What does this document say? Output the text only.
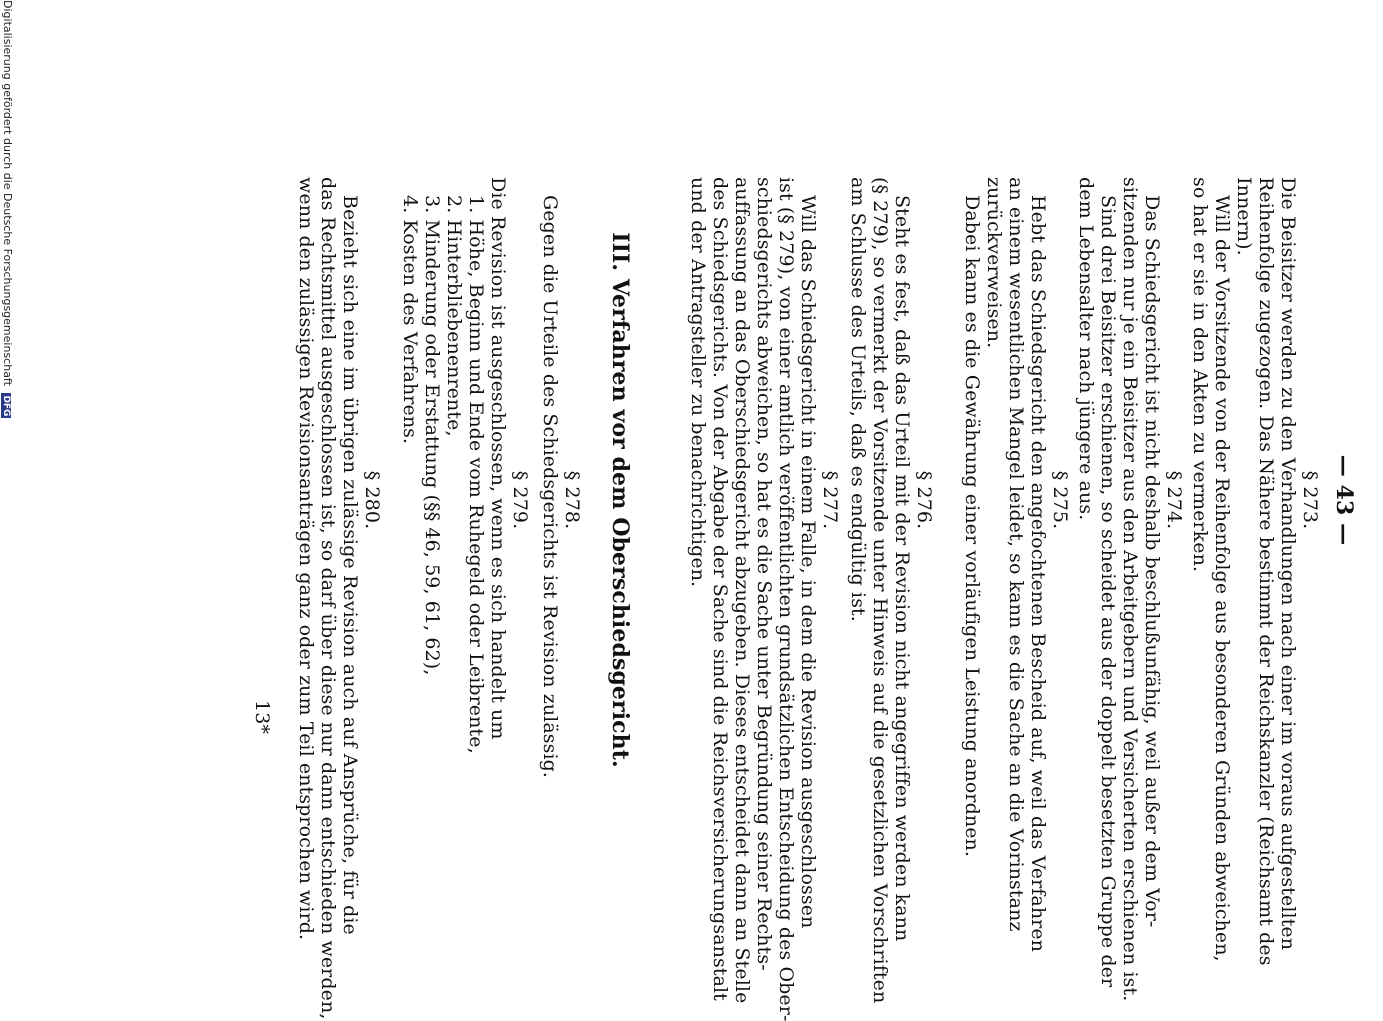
— 43 —
§ 273.
Die Beisitzer werden zu den Verhandlungen nach einer im voraus aufgestellten
Reihenfolge zugezogen. Das Nähere bestimmt der Reichskanzler (Reichsamt des
Innern).
Will der Vorsitzende von der Reihenfolge aus besonderen Gründen abweichen,
so hat er sie in den Akten zu vermerken.
§ 274.
Das Schiedsgericht ist nicht deshalb beschlußunfähig, weil außer dem Vor-
sitzenden nur je ein Beisitzer aus den Arbeitgebern und Versicherten erschienen ist.
Sind drei Beisitzer erschienen, so scheidet aus der doppelt besetzten Gruppe der
dem Lebensalter nach jüngere aus.
§ 275.
Hebt das Schiedsgericht den angefochtenen Bescheid auf, weil das Verfahren
an einem wesentlichen Mangel leidet, so kann es die Sache an die Vorinstanz
zurückverweisen.
Dabei kann es die Gewährung einer vorläufigen Leistung anordnen.
§ 276.
Steht es fest, daß das Urteil mit der Revision nicht angegriffen werden kann
(§ 279), so vermerkt der Vorsitzende unter Hinweis auf die gesetzlichen Vorschriften
am Schlusse des Urteils, daß es endgültig ist.
§ 277.
Will das Schiedsgericht in einem Falle, in dem die Revision ausgeschlossen
ist (§ 279), von einer amtlich veröffentlichten grundsätzlichen Entscheidung des Ober-
schiedsgerichts abweichen, so hat es die Sache unter Begründung seiner Rechts-
auffassung an das Oberschiedsgericht abzugeben. Dieses entscheidet dann an Stelle
des Schiedsgerichts. Von der Abgabe der Sache sind die Reichsversicherungsanstalt
und der Antragsteller zu benachrichtigen.
III. Verfahren vor dem Oberschiedsgericht.
§ 278.
Gegen die Urteile des Schiedsgerichts ist Revision zulässig.
§ 279.
Die Revision ist ausgeschlossen, wenn es sich handelt um
1. Höhe, Beginn und Ende vom Ruhegeld oder Leibrente,
2. Hinterbliebenenrente,
3. Minderung oder Erstattung (§§ 46, 59, 61, 62),
4. Kosten des Verfahrens.
§ 280.
Bezieht sich eine im übrigen zulässige Revision auch auf Ansprüche, für die
das Rechtsmittel ausgeschlossen ist, so darf über diese nur dann entschieden werden,
wenn den zulässigen Revisionsanträgen ganz oder zum Teil entsprochen wird.
13*
Digitalisierung gefördert durch die Deutsche Forschungsgemeinschaft DFG
